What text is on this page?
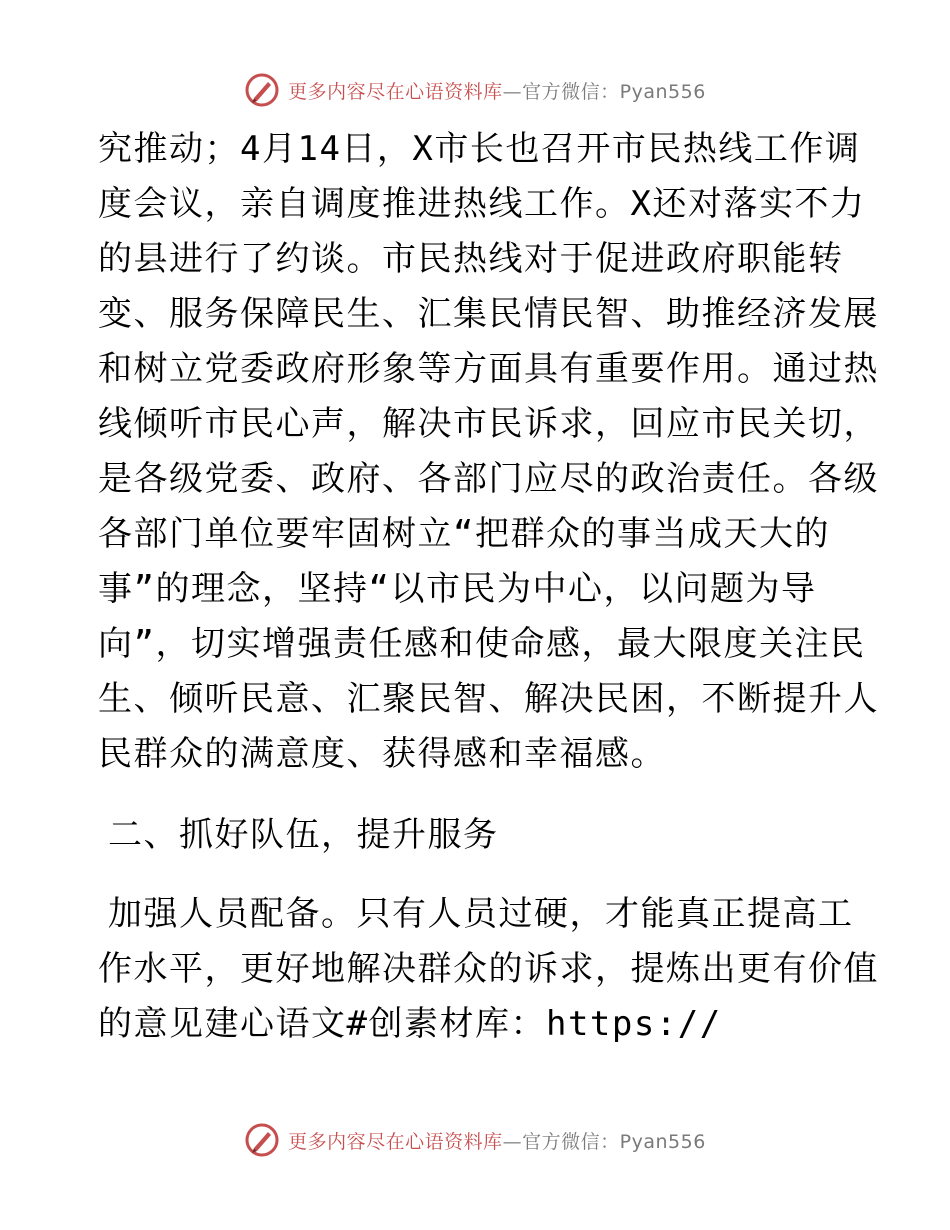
更多内容尽在心语资料库—官方微信：Pyan556
究推动；4月14日，X市长也召开市民热线工作调
度会议，亲自调度推进热线工作。X还对落实不力
的县进行了约谈。市民热线对于促进政府职能转
变、服务保障民生、汇集民情民智、助推经济发展
和树立党委政府形象等方面具有重要作用。通过热
线倾听市民心声，解决市民诉求，回应市民关切，
是各级党委、政府、各部门应尽的政治责任。各级
各部门单位要牢固树立“把群众的事当成天大的
事”的理念，坚持“以市民为中心，以问题为导
向”，切实增强责任感和使命感，最大限度关注民
生、倾听民意、汇聚民智、解决民困，不断提升人
民群众的满意度、获得感和幸福感。
二、抓好队伍，提升服务
加强人员配备。只有人员过硬，才能真正提高工
作水平，更好地解决群众的诉求，提炼出更有价值
的意见建心语文#创素材库：https://
更多内容尽在心语资料库—官方微信：Pyan556
